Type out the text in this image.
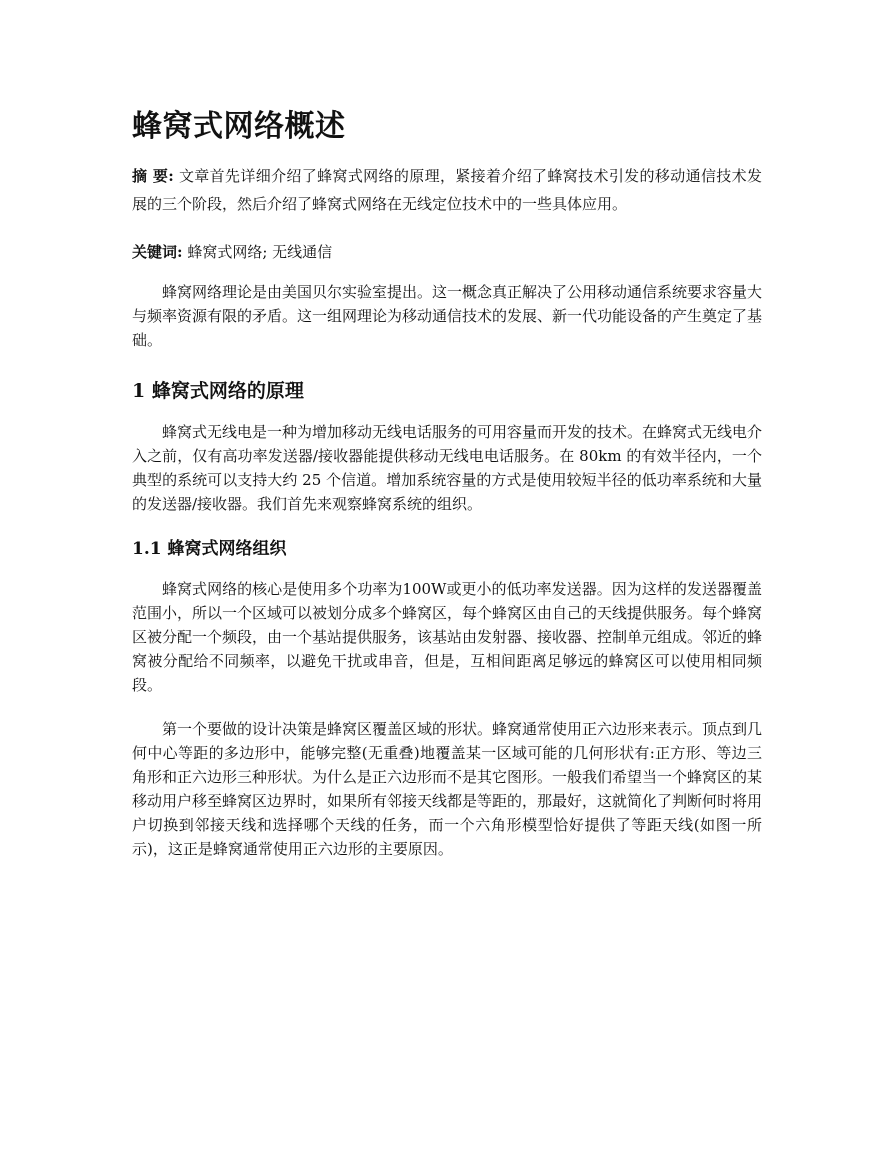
蜂窝式网络概述

摘 要: 文章首先详细介绍了蜂窝式网络的原理，紧接着介绍了蜂窝技术引发的移动通信技术发展的三个阶段，然后介绍了蜂窝式网络在无线定位技术中的一些具体应用。

关键词: 蜂窝式网络; 无线通信

蜂窝网络理论是由美国贝尔实验室提出。这一概念真正解决了公用移动通信系统要求容量大与频率资源有限的矛盾。这一组网理论为移动通信技术的发展、新一代功能设备的产生奠定了基础。

1 蜂窝式网络的原理

蜂窝式无线电是一种为增加移动无线电话服务的可用容量而开发的技术。在蜂窝式无线电介入之前，仅有高功率发送器/接收器能提供移动无线电电话服务。在 80km 的有效半径内，一个典型的系统可以支持大约 25 个信道。增加系统容量的方式是使用较短半径的低功率系统和大量的发送器/接收器。我们首先来观察蜂窝系统的组织。

1.1 蜂窝式网络组织

蜂窝式网络的核心是使用多个功率为100W或更小的低功率发送器。因为这样的发送器覆盖范围小，所以一个区域可以被划分成多个蜂窝区，每个蜂窝区由自己的天线提供服务。每个蜂窝区被分配一个频段，由一个基站提供服务，该基站由发射器、接收器、控制单元组成。邻近的蜂窝被分配给不同频率，以避免干扰或串音，但是，互相间距离足够远的蜂窝区可以使用相同频段。

第一个要做的设计决策是蜂窝区覆盖区域的形状。蜂窝通常使用正六边形来表示。顶点到几何中心等距的多边形中，能够完整(无重叠)地覆盖某一区域可能的几何形状有:正方形、等边三角形和正六边形三种形状。为什么是正六边形而不是其它图形。一般我们希望当一个蜂窝区的某移动用户移至蜂窝区边界时，如果所有邻接天线都是等距的，那最好，这就简化了判断何时将用户切换到邻接天线和选择哪个天线的任务，而一个六角形模型恰好提供了等距天线(如图一所示)，这正是蜂窝通常使用正六边形的主要原因。
